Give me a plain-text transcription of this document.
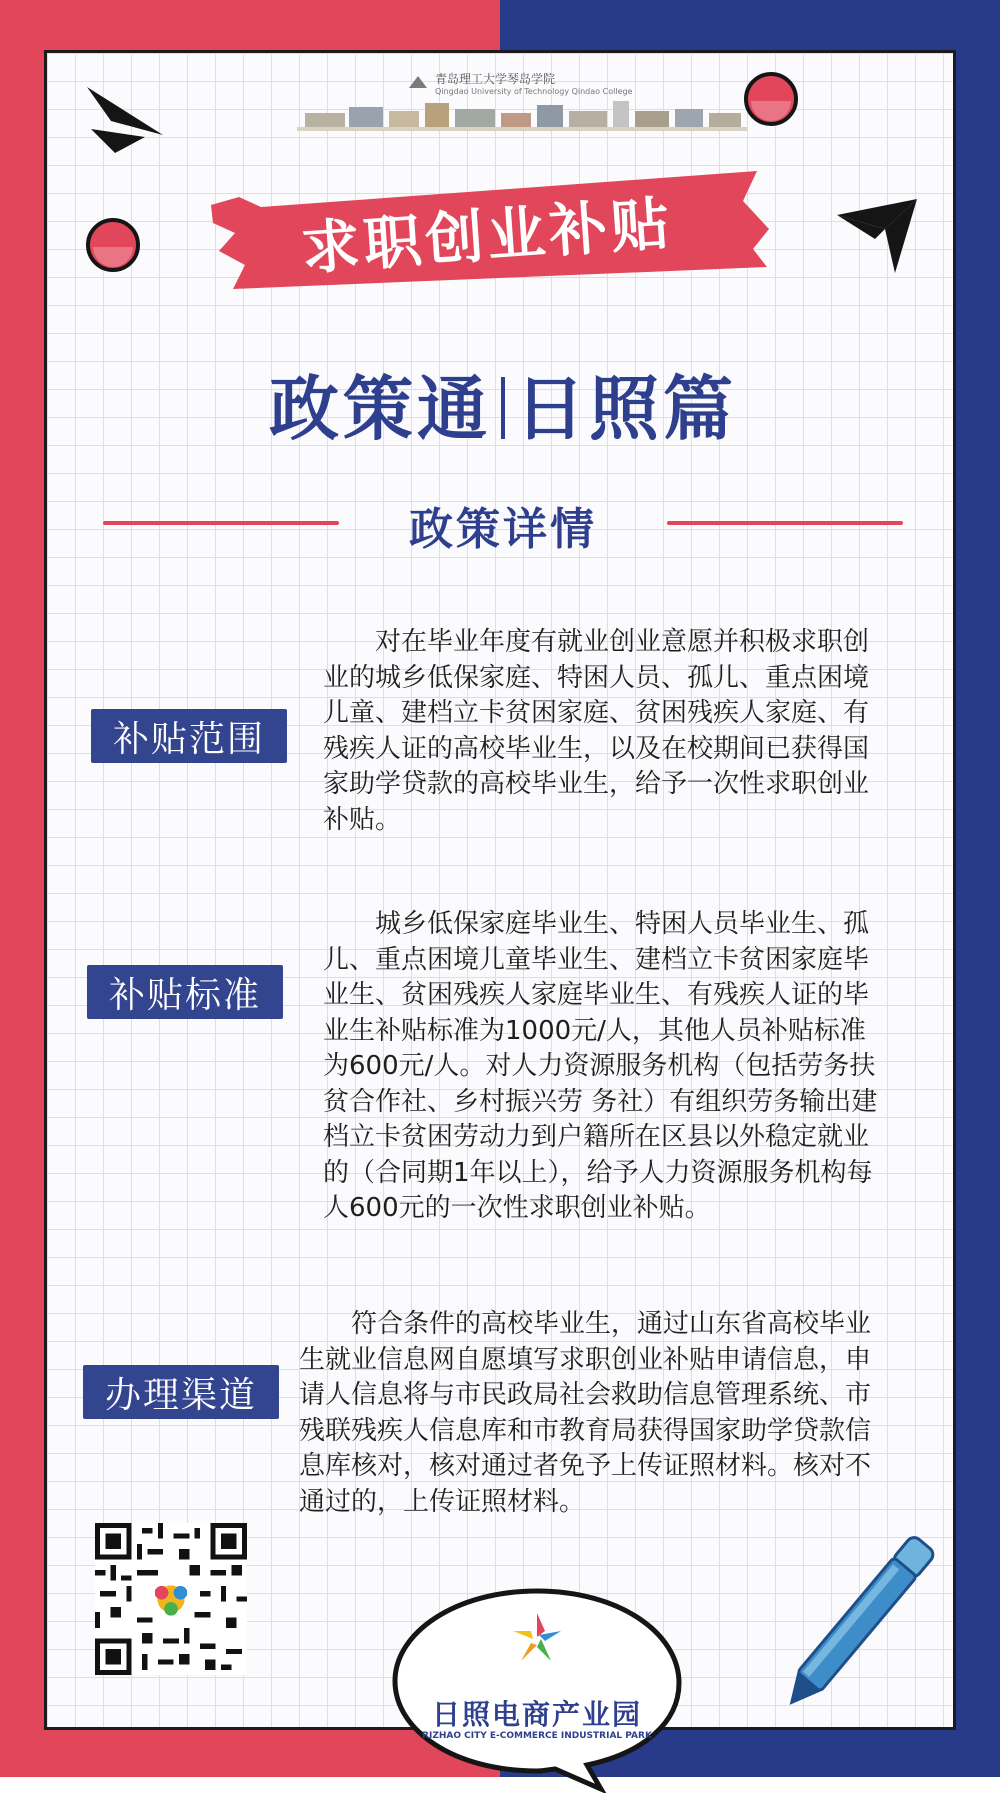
青岛理工大学琴岛学院
Qingdao University of Technology Qindao College
求职创业补贴
政策通 日照篇
政策详情
补贴范围
对在毕业年度有就业创业意愿并积极求职创
业的城乡低保家庭、特困人员、孤儿、重点困境
儿童、建档立卡贫困家庭、贫困残疾人家庭、有
残疾人证的高校毕业生，以及在校期间已获得国
家助学贷款的高校毕业生，给予一次性求职创业
补贴。
补贴标准
城乡低保家庭毕业生、特困人员毕业生、孤
儿、重点困境儿童毕业生、建档立卡贫困家庭毕
业生、贫困残疾人家庭毕业生、有残疾人证的毕
业生补贴标准为1000元/人，其他人员补贴标准
为600元/人。对人力资源服务机构（包括劳务扶
贫合作社、乡村振兴劳 务社）有组织劳务输出建
档立卡贫困劳动力到户籍所在区县以外稳定就业
的（合同期1年以上），给予人力资源服务机构每
人600元的一次性求职创业补贴。
办理渠道
符合条件的高校毕业生，通过山东省高校毕业
生就业信息网自愿填写求职创业补贴申请信息，申
请人信息将与市民政局社会救助信息管理系统、市
残联残疾人信息库和市教育局获得国家助学贷款信
息库核对，核对通过者免予上传证照材料。核对不
通过的，上传证照材料。
日照电商产业园
RIZHAO CITY E-COMMERCE INDUSTRIAL PARK
